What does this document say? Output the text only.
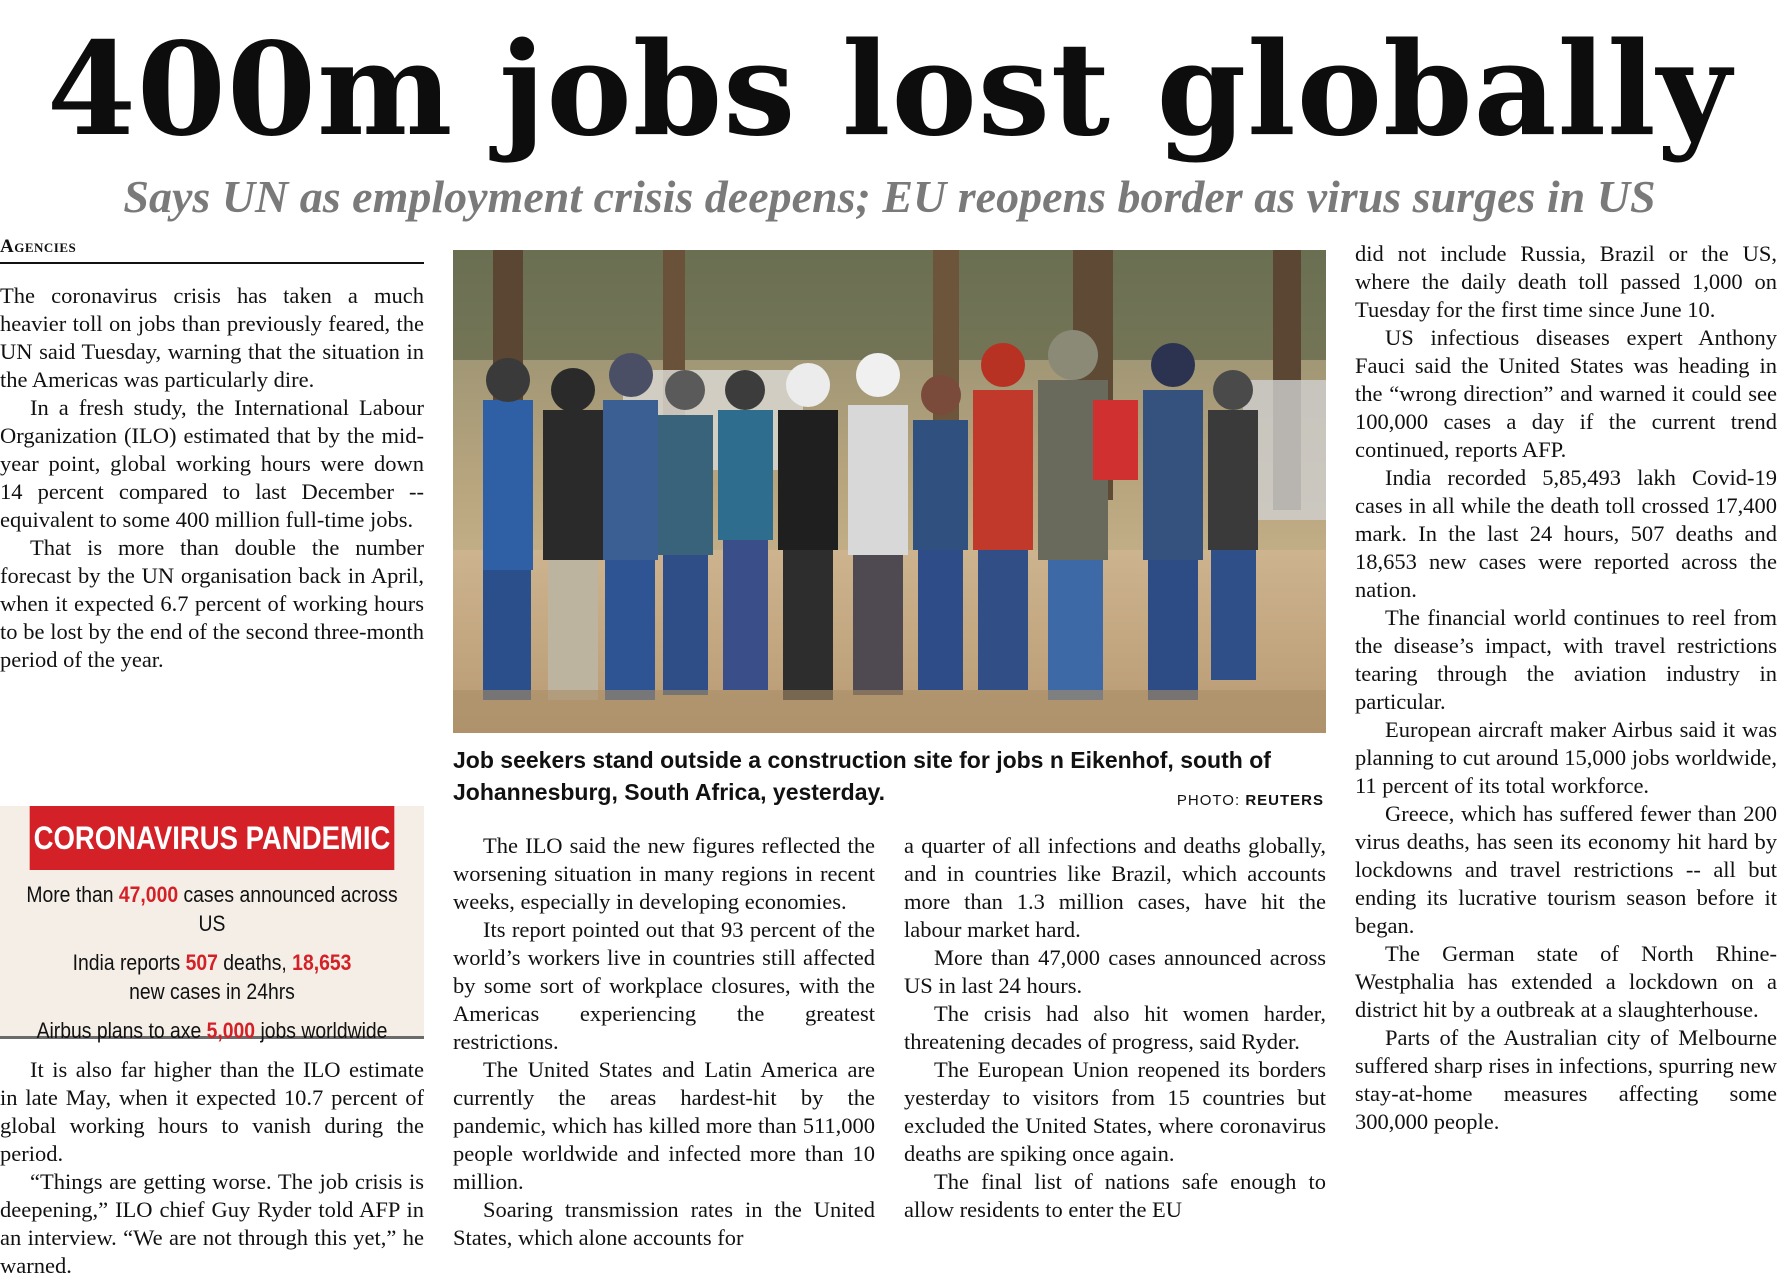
400m jobs lost globally
Says UN as employment crisis deepens; EU reopens border as virus surges in US
Agencies

The coronavirus crisis has taken a much heavier toll on jobs than previously feared, the UN said Tuesday, warning that the situation in the Americas was particularly dire.

In a fresh study, the International Labour Organization (ILO) estimated that by the mid-year point, global working hours were down 14 percent compared to last December -- equivalent to some 400 million full-time jobs.

That is more than double the number forecast by the UN organisation back in April, when it expected 6.7 percent of working hours to be lost by the end of the second three-month period of the year.

CORONAVIRUS PANDEMIC
More than 47,000 cases announced across US
India reports 507 deaths, 18,653 new cases in 24hrs
Airbus plans to axe 5,000 jobs worldwide

It is also far higher than the ILO estimate in late May, when it expected 10.7 percent of global working hours to vanish during the period.

“Things are getting worse. The job crisis is deepening,” ILO chief Guy Ryder told AFP in an interview. “We are not through this yet,” he warned.

Job seekers stand outside a construction site for jobs n Eikenhof, south of Johannesburg, South Africa, yesterday.	PHOTO: REUTERS

The ILO said the new figures reflected the worsening situation in many regions in recent weeks, especially in developing economies.

Its report pointed out that 93 percent of the world’s workers live in countries still affected by some sort of workplace closures, with the Americas experiencing the greatest restrictions.

The United States and Latin America are currently the areas hardest-hit by the pandemic, which has killed more than 511,000 people worldwide and infected more than 10 million.

Soaring transmission rates in the United States, which alone accounts for

a quarter of all infections and deaths globally, and in countries like Brazil, which accounts more than 1.3 million cases, have hit the labour market hard.

More than 47,000 cases announced across US in last 24 hours.

The crisis had also hit women harder, threatening decades of progress, said Ryder.

The European Union reopened its borders yesterday to visitors from 15 countries but excluded the United States, where coronavirus deaths are spiking once again.

The final list of nations safe enough to allow residents to enter the EU

did not include Russia, Brazil or the US, where the daily death toll passed 1,000 on Tuesday for the first time since June 10.

US infectious diseases expert Anthony Fauci said the United States was heading in the “wrong direction” and warned it could see 100,000 cases a day if the current trend continued, reports AFP.

India recorded 5,85,493 lakh Covid-19 cases in all while the death toll crossed 17,400 mark. In the last 24 hours, 507 deaths and 18,653 new cases were reported across the nation.

The financial world continues to reel from the disease’s impact, with travel restrictions tearing through the aviation industry in particular.

European aircraft maker Airbus said it was planning to cut around 15,000 jobs worldwide, 11 percent of its total workforce.

Greece, which has suffered fewer than 200 virus deaths, has seen its economy hit hard by lockdowns and travel restrictions -- all but ending its lucrative tourism season before it began.

The German state of North Rhine-Westphalia has extended a lockdown on a district hit by a outbreak at a slaughterhouse.

Parts of the Australian city of Melbourne suffered sharp rises in infections, spurring new stay-at-home measures affecting some 300,000 people.
